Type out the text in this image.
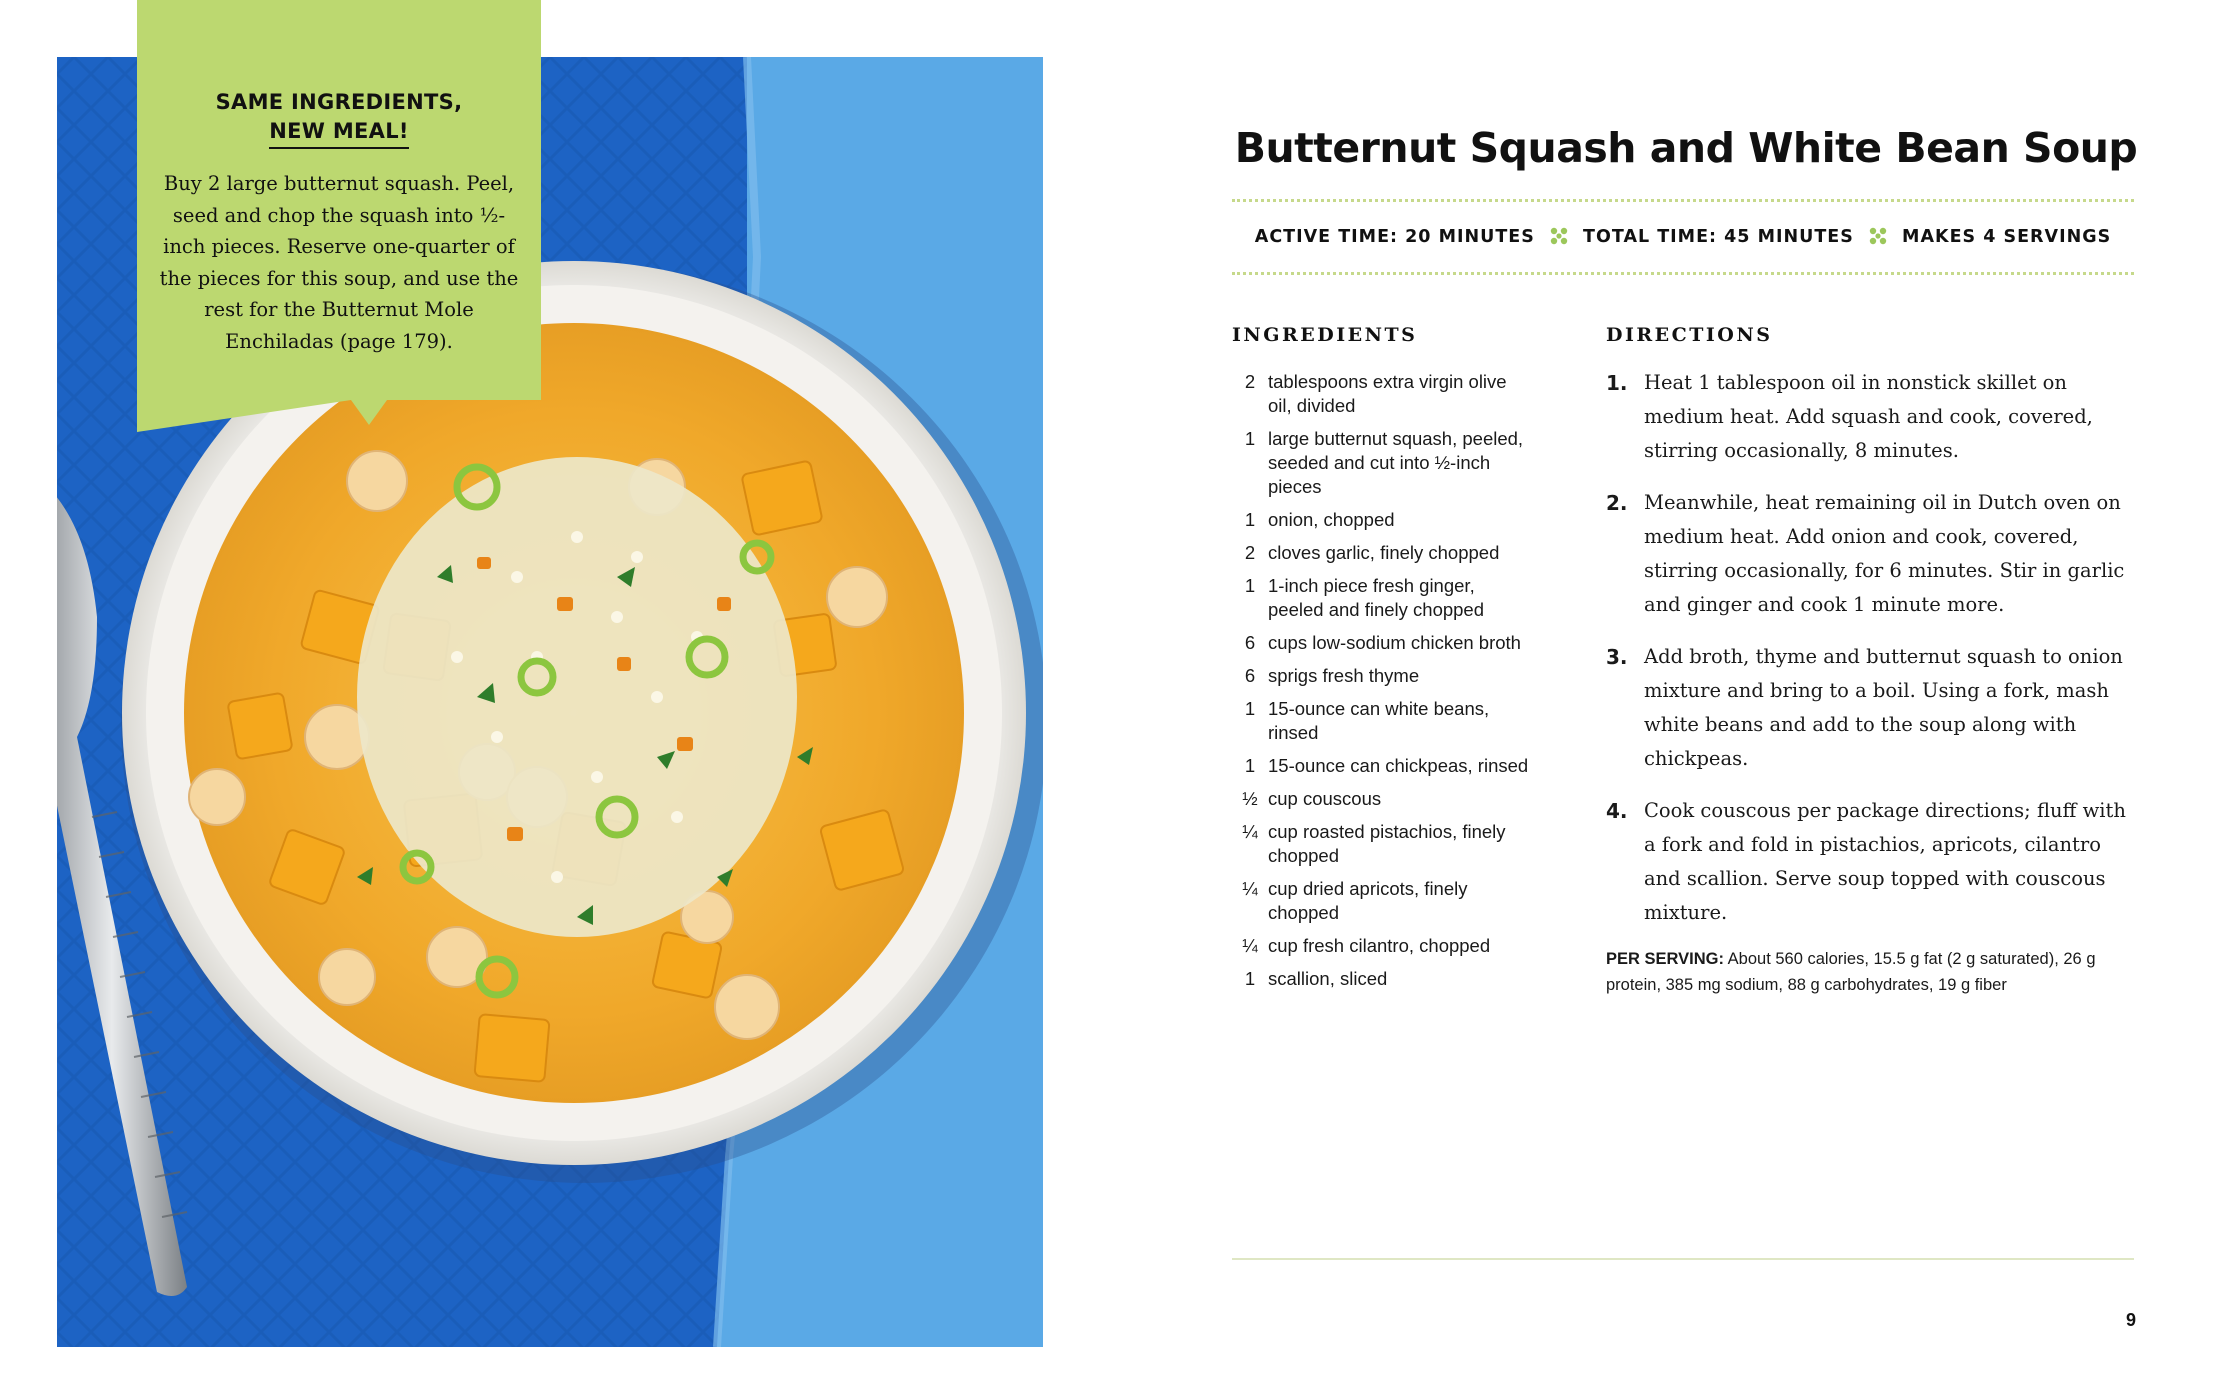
SAME INGREDIENTS,
NEW MEAL!
Buy 2 large butternut squash. Peel, seed and chop the squash into ½-inch pieces. Reserve one-quarter of the pieces for this soup, and use the rest for the Butternut Mole Enchiladas (page 179).
Butternut Squash and White Bean Soup
ACTIVE TIME: 20 MINUTES	TOTAL TIME: 45 MINUTES	MAKES 4 SERVINGS
INGREDIENTS	DIRECTIONS
2 tablespoons extra virgin olive oil, divided
1 large butternut squash, peeled, seeded and cut into ½-inch pieces
1 onion, chopped
2 cloves garlic, finely chopped
1 1-inch piece fresh ginger, peeled and finely chopped
6 cups low-sodium chicken broth
6 sprigs fresh thyme
1 15-ounce can white beans, rinsed
1 15-ounce can chickpeas, rinsed
½ cup couscous
¼ cup roasted pistachios, finely chopped
¼ cup dried apricots, finely chopped
¼ cup fresh cilantro, chopped
1 scallion, sliced
1. Heat 1 tablespoon oil in nonstick skillet on medium heat. Add squash and cook, covered, stirring occasionally, 8 minutes.
2. Meanwhile, heat remaining oil in Dutch oven on medium heat. Add onion and cook, covered, stirring occasionally, for 6 minutes. Stir in garlic and ginger and cook 1 minute more.
3. Add broth, thyme and butternut squash to onion mixture and bring to a boil. Using a fork, mash white beans and add to the soup along with chickpeas.
4. Cook couscous per package directions; fluff with a fork and fold in pistachios, apricots, cilantro and scallion. Serve soup topped with couscous mixture.
PER SERVING: About 560 calories, 15.5 g fat (2 g saturated), 26 g protein, 385 mg sodium, 88 g carbohydrates, 19 g fiber
9
